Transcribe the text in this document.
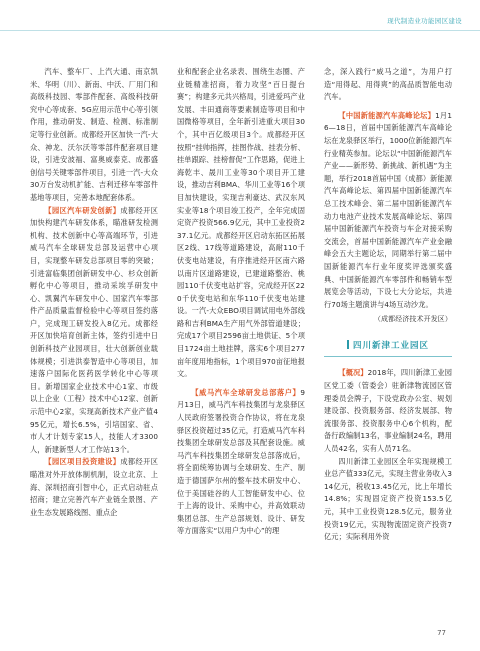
现代制造业功能园区建设

汽车、整车厂、上汽大通、南京凯米、华明（川）、新南、中沃、厂用门和高级科技园、零部件配套、高级科技研究中心等成套、5G应用示范中心等引领作用，推动研发、制造、检测、标准制定等行业创新。成都经开区加快一汽-大众、神龙、沃尔沃等零部件配套项目建设，引进安波福、富奥威泰克、成都盛创信号关键零部件项目，引进一汽-大众30万台发动机扩能、吉利迁移车零部件基地等项目，完善本地配套体系。

【园区汽车研发创新】成都经开区加快构建汽车研发体系，瞄准研发检测机构、技术创新中心等高端环节，引进威马汽车全球研发总部及运营中心项目，实现整车研发总部项目零的突破；引进富临集团创新研发中心、杉众创新孵化中心等项目，推动采埃孚研发中心、凯翼汽车研发中心、国家汽车零部件产品质量监督检验中心等项目签约落户，完成现工研发投入8亿元。成都经开区加快培育创新主体，签约引进中日创新科技产业园项目，壮大创新创业载体规模；引进洪泰智造中心等项目，加速落户国际化医药医学转化中心等项目。新增国家企业技术中心1家、市级以上企业（工程）技术中心12家、创新示范中心2家，实现高新技术产业产值495亿元，增长6.5%，引培国家、省、市人才计划专家15人，技能人才3300人，新建新型人才工作站13个。

【园区项目投资建设】成都经开区瞄准对外开放体制机制，设立北京、上海、深圳招商引智中心，正式启动驻点招商；建立完善汽车产业链全景图、产业生态发展路线图、重点企

业和配套企业名录表、围绕生态圈、产业链精准招商，着力攻坚“百日提台赛”；构建多元共兴格局，引进爱玛产业发展、丰田通商等要素制造等项目和中国微格等项目，全年新引进重大项目30个，其中百亿级项目3个。成都经开区按照“挂帅指挥，挂图作战、挂表分析、挂单跟踪、挂榜督促”工作思路，促进上海乾丰、晟川工业等30个项目开工建设，推动吉利BMA、华川工业等16个项目加快建设，实现吉利豪达、武汉东风实业等18个项目竣工投产，全年完成固定资产投资566.9亿元，其中工业投资237.1亿元。成都经开区启动东拓区拓展区2线、17线等道路建设，高耐110千伏变电站建设，有序推进经开区南六路以南片区道路建设，已建道路整治、桃园110千伏变电站扩容，完成经开区220千伏变电站和东华110千伏变电站建设。一汽-大众EBO项目调试用电外部线路和吉利BMA生产用气外部管道建设；完成17个项目2596亩土地供证、5个项目1724亩土地挂牌，落实6个项目277亩年度用地指标，1个项目970亩征地报文。

【威马汽车全球研发总部落户】9月13日，威马汽车科技集团与龙泉驿区人民政府签署投资合作协议，将在龙泉驿区投资超过35亿元，打造威马汽车科技集团全球研发总部及其配套设施。威马汽车科技集团全球研发总部落成后，将全面统筹协调与全球研发、生产、制造于德国萨尔州的整车技术研发中心、位于美国硅谷的人工智能研发中心、位于上海的设计、采购中心，并高效联动集团总部、生产总部规划、设计、研发等方面落实“以用户为中心”的理

念，深入践行“威马之道”，为用户打造“用得起、用得爽”的高品质智能电动汽车。

【中国新能源汽车高峰论坛】1月16—18日，首届中国新能源汽车高峰论坛在龙泉驿区举行，1000位新能源汽车行业精英参加。论坛以“中国新能源汽车产业——新形势、新挑战、新机遇”为主题，举行2018首届中国（成都）新能源汽车高峰论坛、第四届中国新能源汽车总工技术峰会、第二届中国新能源汽车动力电池产业技术发展高峰论坛、第四届中国新能源汽车投资与车企对接采购交流会，首届中国新能源汽车产业金融峰会五大主题论坛，同期举行第二届中国新能源汽车行业年度奖评选颁奖盛典、中国新能源汽车零部件和畅销车型展览会等活动，下设七大分论坛，共进行70场主题演讲与4场互动沙龙。

（成都经济技术开发区）

四川新津工业园区

【概况】2018年，四川新津工业园区党工委（管委会）驻新津物流园区管理委员会牌子，下设党政办公室、规划建设部、投资服务部、经济发展部、物流服务部、投资服务中心6个机构，配备行政编制13名，事业编制24名，聘用人员42名，实有人员71名。

四川新津工业园区全年实现规模工业总产值333亿元，实现主营业务收入314亿元，税收13.45亿元，比上年增长14.8%；实现固定资产投资153.5亿元，其中工业投资128.5亿元，服务业投资19亿元，实现物流固定资产投资7亿元；实际利用外资

77
